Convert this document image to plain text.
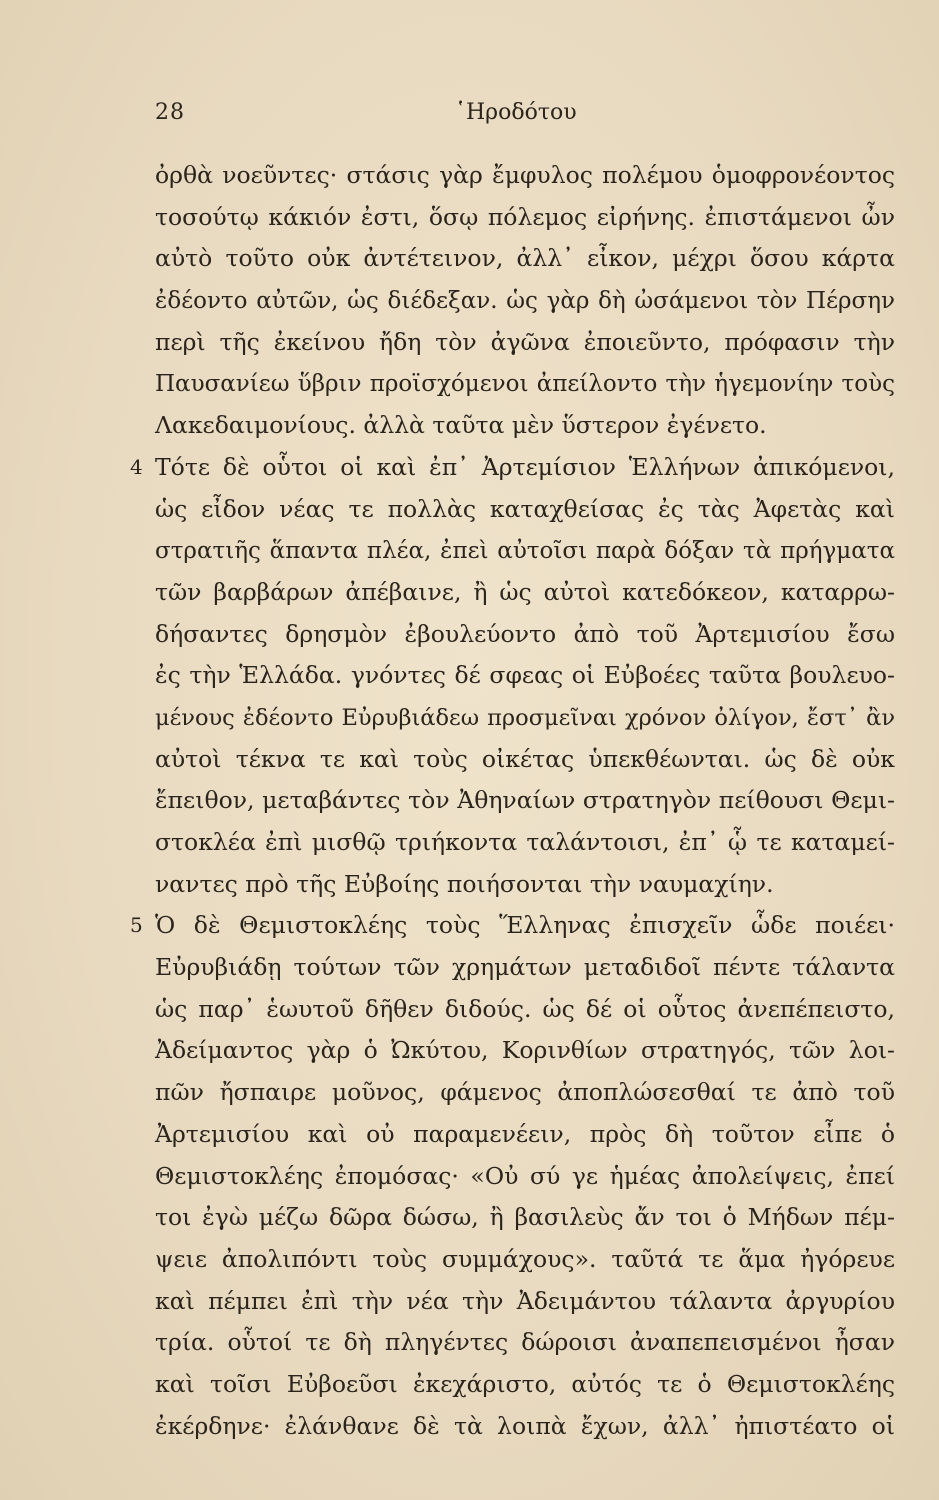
28	῾Ηροδότου
ὀρθὰ νοεῦντες· στάσις γὰρ ἔμφυλος πολέμου ὁμοφρονέοντος
τοσούτῳ κάκιόν ἐστι, ὅσῳ πόλεμος εἰρήνης. ἐπιστάμενοι ὦν
αὐτὸ τοῦτο οὐκ ἀντέτεινον, ἀλλ᾽ εἶκον, μέχρι ὅσου κάρτα
ἐδέοντο αὐτῶν, ὡς διέδεξαν. ὡς γὰρ δὴ ὠσάμενοι τὸν Πέρσην
περὶ τῆς ἐκείνου ἤδη τὸν ἀγῶνα ἐποιεῦντο, πρόφασιν τὴν
Παυσανίεω ὕβριν προϊσχόμενοι ἀπείλοντο τὴν ἡγεμονίην τοὺς
Λακεδαιμονίους. ἀλλὰ ταῦτα μὲν ὕστερον ἐγένετο.
4 Τότε δὲ οὗτοι οἱ καὶ ἐπ᾽ Ἀρτεμίσιον Ἑλλήνων ἀπικόμενοι,
ὡς εἶδον νέας τε πολλὰς καταχθείσας ἐς τὰς Ἀφετὰς καὶ
στρατιῆς ἅπαντα πλέα, ἐπεὶ αὐτοῖσι παρὰ δόξαν τὰ πρήγματα
τῶν βαρβάρων ἀπέβαινε, ἢ ὡς αὐτοὶ κατεδόκεον, καταρρω-
δήσαντες δρησμὸν ἐβουλεύοντο ἀπὸ τοῦ Ἀρτεμισίου ἔσω
ἐς τὴν Ἑλλάδα. γνόντες δέ σφεας οἱ Εὐβοέες ταῦτα βουλευο-
μένους ἐδέοντο Εὐρυβιάδεω προσμεῖναι χρόνον ὀλίγον, ἔστ᾽ ἂν
αὐτοὶ τέκνα τε καὶ τοὺς οἰκέτας ὑπεκθέωνται. ὡς δὲ οὐκ
ἔπειθον, μεταβάντες τὸν Ἀθηναίων στρατηγὸν πείθουσι Θεμι-
στοκλέα ἐπὶ μισθῷ τριήκοντα ταλάντοισι, ἐπ᾽ ᾧ τε καταμεί-
ναντες πρὸ τῆς Εὐβοίης ποιήσονται τὴν ναυμαχίην.
5 Ὁ δὲ Θεμιστοκλέης τοὺς Ἕλληνας ἐπισχεῖν ὧδε ποιέει·
Εὐρυβιάδῃ τούτων τῶν χρημάτων μεταδιδοῖ πέντε τάλαντα
ὡς παρ᾽ ἑωυτοῦ δῆθεν διδούς. ὡς δέ οἱ οὗτος ἀνεπέπειστο,
Ἀδείμαντος γὰρ ὁ Ὠκύτου, Κορινθίων στρατηγός, τῶν λοι-
πῶν ἤσπαιρε μοῦνος, φάμενος ἀποπλώσεσθαί τε ἀπὸ τοῦ
Ἀρτεμισίου καὶ οὐ παραμενέειν, πρὸς δὴ τοῦτον εἶπε ὁ
Θεμιστοκλέης ἐπομόσας· «Οὐ σύ γε ἡμέας ἀπολείψεις, ἐπεί
τοι ἐγὼ μέζω δῶρα δώσω, ἢ βασιλεὺς ἄν τοι ὁ Μήδων πέμ-
ψειε ἀπολιπόντι τοὺς συμμάχους». ταῦτά τε ἅμα ἠγόρευε
καὶ πέμπει ἐπὶ τὴν νέα τὴν Ἀδειμάντου τάλαντα ἀργυρίου
τρία. οὗτοί τε δὴ πληγέντες δώροισι ἀναπεπεισμένοι ἦσαν
καὶ τοῖσι Εὐβοεῦσι ἐκεχάριστο, αὐτός τε ὁ Θεμιστοκλέης
ἐκέρδηνε· ἐλάνθανε δὲ τὰ λοιπὰ ἔχων, ἀλλ᾽ ἠπιστέατο οἱ
